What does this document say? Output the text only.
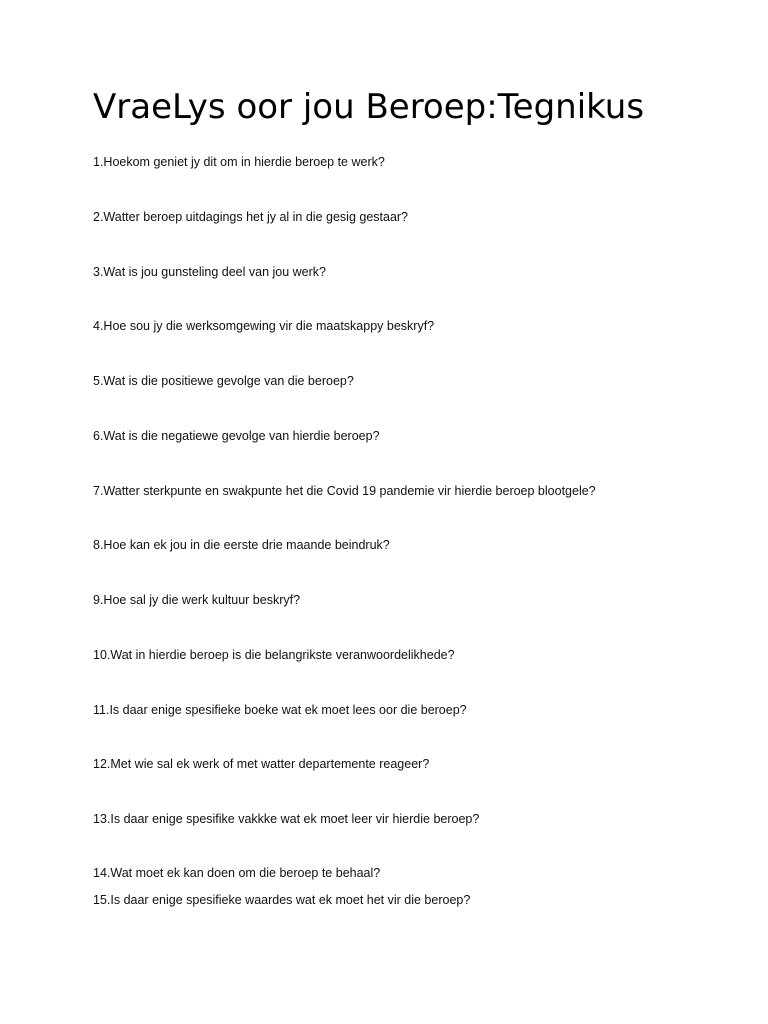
VraeLys oor jou Beroep:Tegnikus

1.Hoekom geniet jy dit om in hierdie beroep te werk?

2.Watter beroep uitdagings het jy al in die gesig gestaar?

3.Wat is jou gunsteling deel van jou werk?

4.Hoe sou jy die werksomgewing vir die maatskappy beskryf?

5.Wat is die positiewe gevolge van die beroep?

6.Wat is die negatiewe gevolge van hierdie beroep?

7.Watter sterkpunte en swakpunte het die Covid 19 pandemie vir hierdie beroep blootgele?

8.Hoe kan ek jou in die eerste drie maande beindruk?

9.Hoe sal jy die werk kultuur beskryf?

10.Wat in hierdie beroep is die belangrikste veranwoordelikhede?

11.Is daar enige spesifieke boeke wat ek moet lees oor die beroep?

12.Met wie sal ek werk of met watter departemente reageer?

13.Is daar enige spesifike vakkke wat ek moet leer vir hierdie beroep?

14.Wat moet ek kan doen om die beroep te behaal?

15.Is daar enige spesifieke waardes wat ek moet het vir die beroep?
